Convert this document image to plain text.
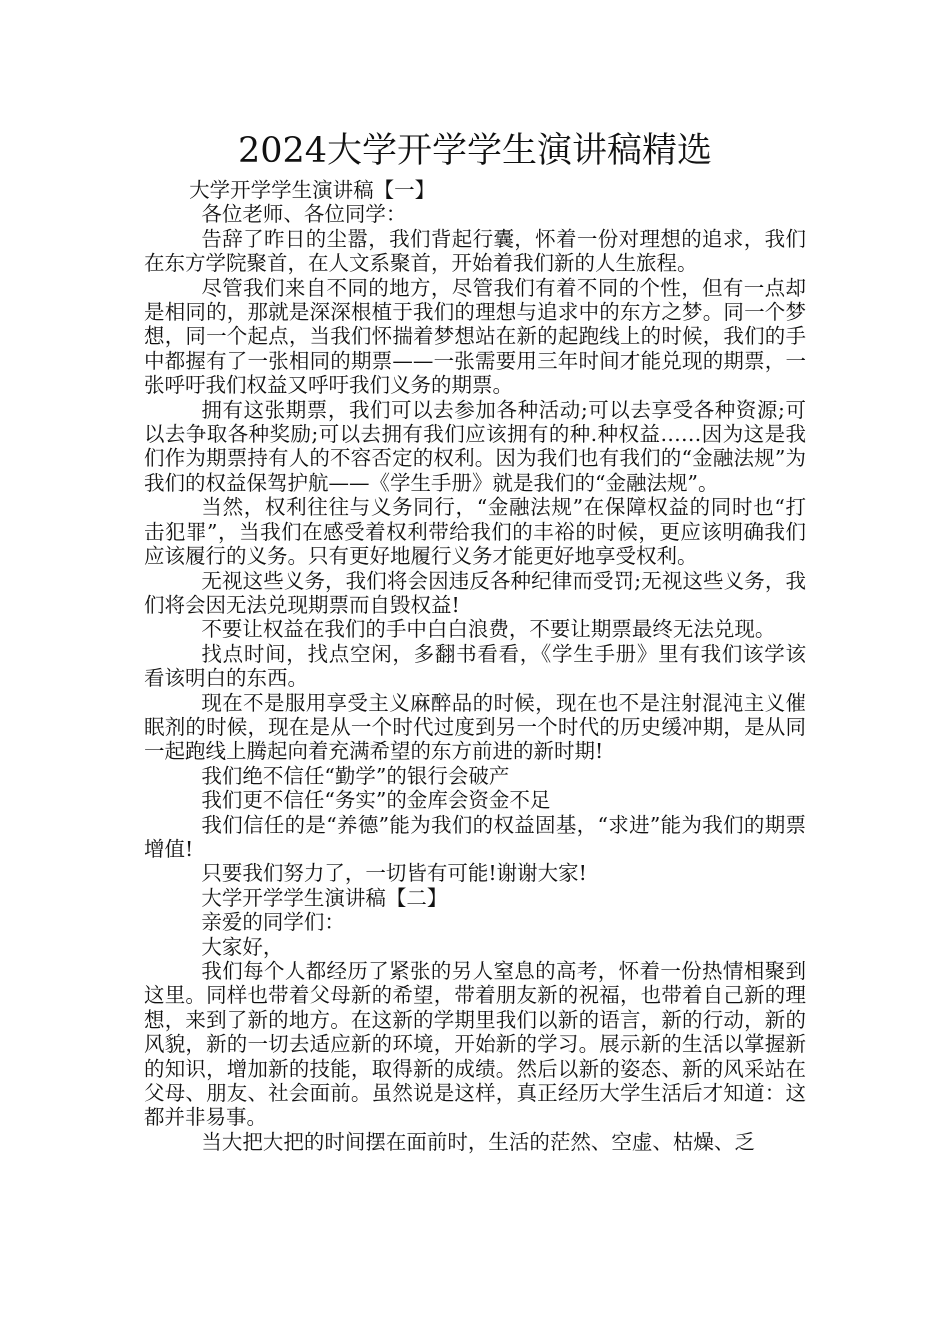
2024大学开学学生演讲稿精选

大学开学学生演讲稿【一】

各位老师、各位同学：

告辞了昨日的尘嚣，我们背起行囊，怀着一份对理想的追求，我们在东方学院聚首，在人文系聚首，开始着我们新的人生旅程。

尽管我们来自不同的地方，尽管我们有着不同的个性，但有一点却是相同的，那就是深深根植于我们的理想与追求中的东方之梦。同一个梦想，同一个起点，当我们怀揣着梦想站在新的起跑线上的时候，我们的手中都握有了一张相同的期票——一张需要用三年时间才能兑现的期票，一张呼吁我们权益又呼吁我们义务的期票。

拥有这张期票，我们可以去参加各种活动;可以去享受各种资源;可以去争取各种奖励;可以去拥有我们应该拥有的种.种权益……因为这是我们作为期票持有人的不容否定的权利。因为我们也有我们的“金融法规”为我们的权益保驾护航——《学生手册》就是我们的“金融法规”。

当然，权利往往与义务同行，“金融法规”在保障权益的同时也“打击犯罪”，当我们在感受着权利带给我们的丰裕的时候，更应该明确我们应该履行的义务。只有更好地履行义务才能更好地享受权利。

无视这些义务，我们将会因违反各种纪律而受罚;无视这些义务，我们将会因无法兑现期票而自毁权益!

不要让权益在我们的手中白白浪费，不要让期票最终无法兑现。

找点时间，找点空闲，多翻书看看，《学生手册》里有我们该学该看该明白的东西。

现在不是服用享受主义麻醉品的时候，现在也不是注射混沌主义催眠剂的时候，现在是从一个时代过度到另一个时代的历史缓冲期，是从同一起跑线上腾起向着充满希望的东方前进的新时期!

我们绝不信任“勤学”的银行会破产

我们更不信任“务实”的金库会资金不足

我们信任的是“养德”能为我们的权益固基，“求进”能为我们的期票增值!

只要我们努力了，一切皆有可能!谢谢大家!

大学开学学生演讲稿【二】

亲爱的同学们：

大家好，

我们每个人都经历了紧张的另人窒息的高考，怀着一份热情相聚到这里。同样也带着父母新的希望，带着朋友新的祝福，也带着自己新的理想，来到了新的地方。在这新的学期里我们以新的语言，新的行动，新的风貌，新的一切去适应新的环境，开始新的学习。展示新的生活以掌握新的知识，增加新的技能，取得新的成绩。然后以新的姿态、新的风采站在父母、朋友、社会面前。虽然说是这样，真正经历大学生活后才知道：这都并非易事。

当大把大把的时间摆在面前时，生活的茫然、空虚、枯燥、乏
